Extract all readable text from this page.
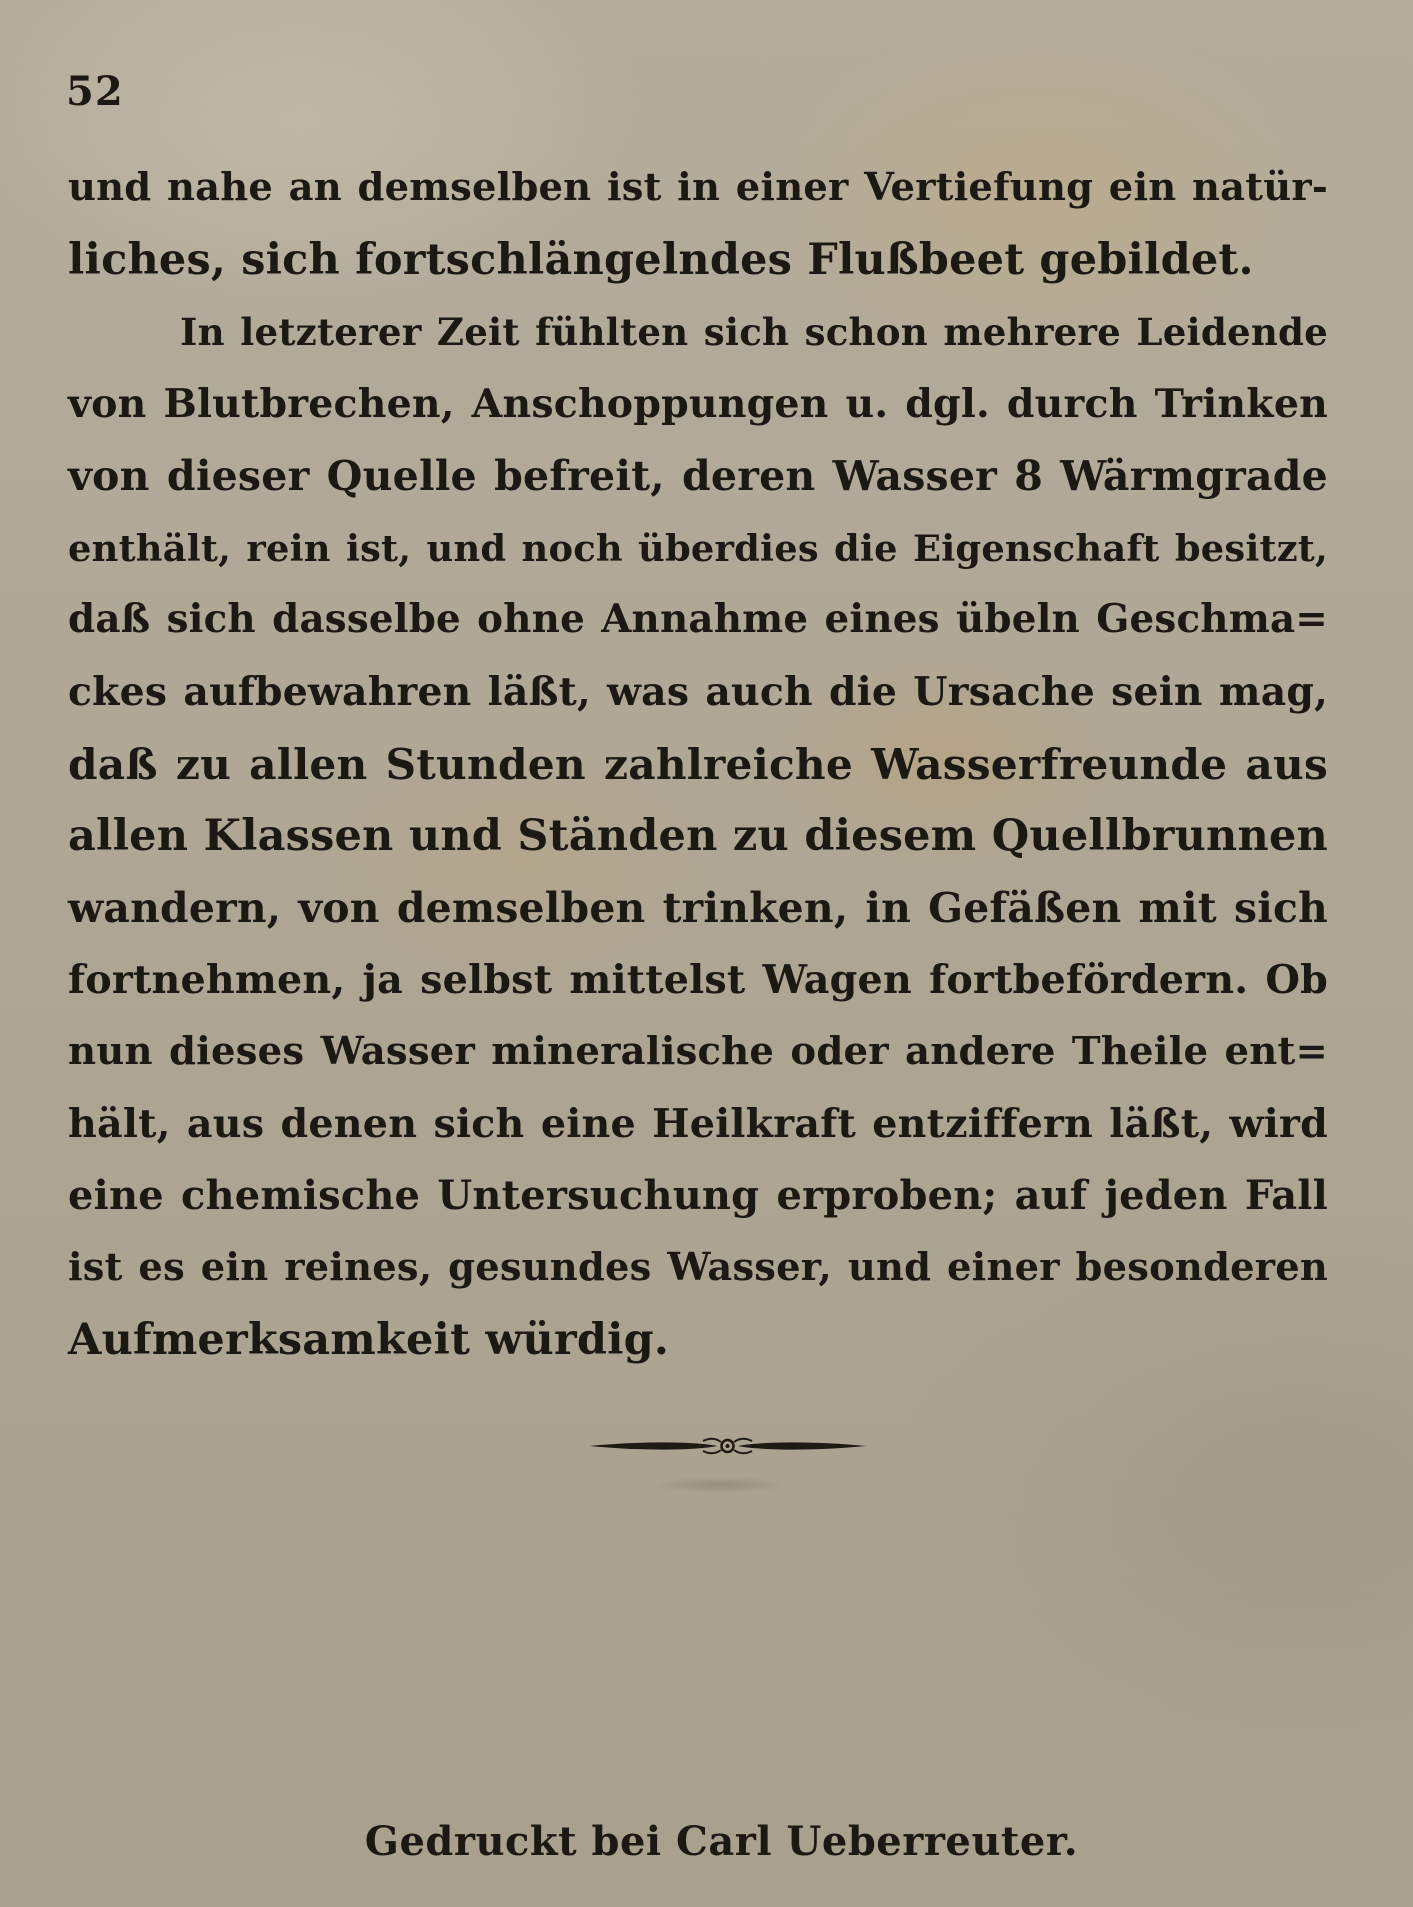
52
und nahe an demselben ist in einer Vertiefung ein natür-
liches, sich fortschlängelndes Flußbeet gebildet.
In letzterer Zeit fühlten sich schon mehrere Leidende
von Blutbrechen, Anschoppungen u. dgl. durch Trinken
von dieser Quelle befreit, deren Wasser 8 Wärmgrade
enthält, rein ist, und noch überdies die Eigenschaft besitzt,
daß sich dasselbe ohne Annahme eines übeln Geschma=
ckes aufbewahren läßt, was auch die Ursache sein mag,
daß zu allen Stunden zahlreiche Wasserfreunde aus
allen Klassen und Ständen zu diesem Quellbrunnen
wandern, von demselben trinken, in Gefäßen mit sich
fortnehmen, ja selbst mittelst Wagen fortbefördern. Ob
nun dieses Wasser mineralische oder andere Theile ent=
hält, aus denen sich eine Heilkraft entziffern läßt, wird
eine chemische Untersuchung erproben; auf jeden Fall
ist es ein reines, gesundes Wasser, und einer besonderen
Aufmerksamkeit würdig.
Gedruckt bei Carl Ueberreuter.
